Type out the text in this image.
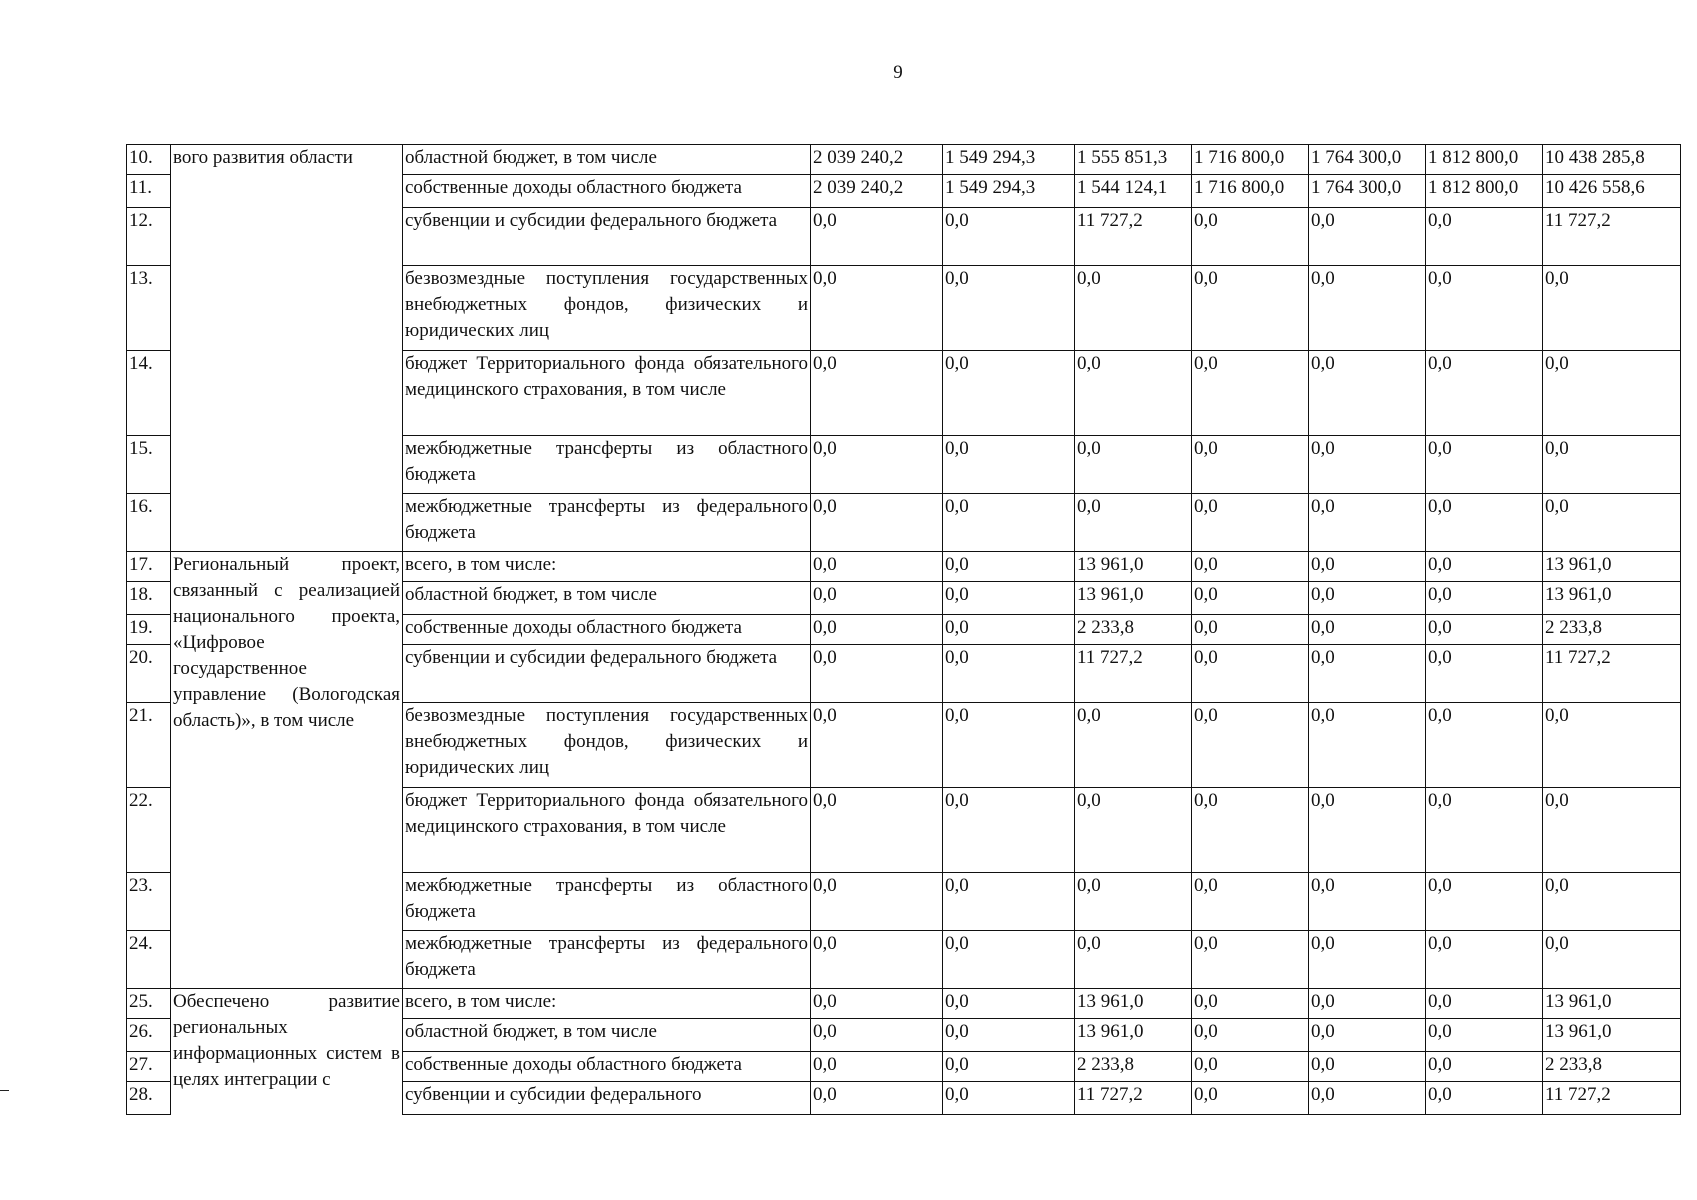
9
10.	вого развития области	областной бюджет, в том числе	2 039 240,2	1 549 294,3	1 555 851,3	1 716 800,0	1 764 300,0	1 812 800,0	10 438 285,8
11.		собственные доходы областного бюджета	2 039 240,2	1 549 294,3	1 544 124,1	1 716 800,0	1 764 300,0	1 812 800,0	10 426 558,6
12.		субвенции и субсидии федерального бюджета	0,0	0,0	11 727,2	0,0	0,0	0,0	11 727,2
13.		безвозмездные поступления государственных внебюджетных фондов, физических и юридических лиц	0,0	0,0	0,0	0,0	0,0	0,0	0,0
14.		бюджет Территориального фонда обязательного медицинского страхования, в том числе	0,0	0,0	0,0	0,0	0,0	0,0	0,0
15.		межбюджетные трансферты из областного бюджета	0,0	0,0	0,0	0,0	0,0	0,0	0,0
16.		межбюджетные трансферты из федерального бюджета	0,0	0,0	0,0	0,0	0,0	0,0	0,0
17.	Региональный проект, связанный с реализацией национального проекта, «Цифровое государственное управление (Вологодская область)», в том числе	всего, в том числе:	0,0	0,0	13 961,0	0,0	0,0	0,0	13 961,0
18.		областной бюджет, в том числе	0,0	0,0	13 961,0	0,0	0,0	0,0	13 961,0
19.		собственные доходы областного бюджета	0,0	0,0	2 233,8	0,0	0,0	0,0	2 233,8
20.		субвенции и субсидии федерального бюджета	0,0	0,0	11 727,2	0,0	0,0	0,0	11 727,2
21.		безвозмездные поступления государственных внебюджетных фондов, физических и юридических лиц	0,0	0,0	0,0	0,0	0,0	0,0	0,0
22.		бюджет Территориального фонда обязательного медицинского страхования, в том числе	0,0	0,0	0,0	0,0	0,0	0,0	0,0
23.		межбюджетные трансферты из областного бюджета	0,0	0,0	0,0	0,0	0,0	0,0	0,0
24.		межбюджетные трансферты из федерального бюджета	0,0	0,0	0,0	0,0	0,0	0,0	0,0
25.	Обеспечено развитие региональных информационных систем в целях интеграции с	всего, в том числе:	0,0	0,0	13 961,0	0,0	0,0	0,0	13 961,0
26.		областной бюджет, в том числе	0,0	0,0	13 961,0	0,0	0,0	0,0	13 961,0
27.		собственные доходы областного бюджета	0,0	0,0	2 233,8	0,0	0,0	0,0	2 233,8
28.		субвенции и субсидии федерального	0,0	0,0	11 727,2	0,0	0,0	0,0	11 727,2
